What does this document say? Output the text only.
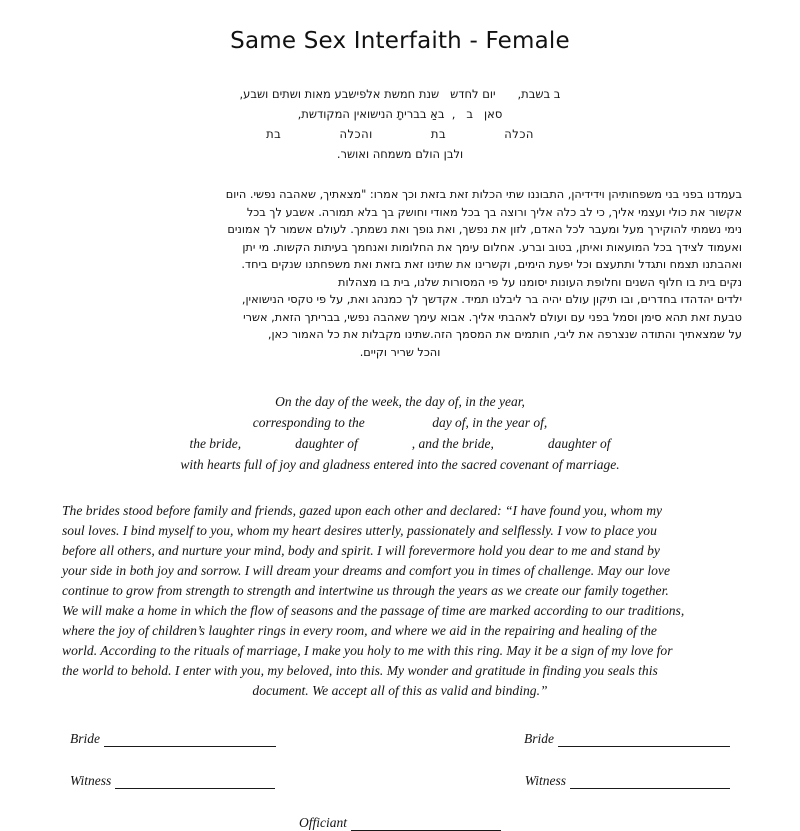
Same Sex Interfaith - Female
ב בשבת,      יום לחדש   שנת חמשת אלפי‌שבע מאות ושתים ושבע,
סאן   ב   ,  באַ בבריתָ הנישואין המקודשת,
הכלה              בת              והכלה              בת
ולבן הולם משמחה ואושר.
בעמדנו בפני בני משפחותיהן וידידיהן, התבוננו שתי הכלות זאת בזאת וכך אמרו: "מצאתיך, שאהבה נפשי. היום
אקשור את כולי ועצמי אליך, כי לב כלה אליך ורוצה בך בכל מאודי וחושק בך בלא תמורה. אשבע לך בכל
נימי נשמתי להוקירך מעל ומעבר לכל האדם, לזון את נפשך, ואת גופך ואת נשמתך. לעולם אשמור לך אמונים
ואעמוד לצידך בכל המועאות ואיתן, בטוב וברע. אחלום עימך את החלומות ואנחמך בעיתות הקשות. מי יתן
ואהבתנו תצמח ותגדל ותתעצם וכל יפעת הימים, וקשרינו את שתינו זאת בזאת ואת משפחתנו שנקים ביחד.
נקים בית בו חלוף השנים וחלופת העונות יסומנו על פי המסורות שלנו, בית בו מצהלות
ילדים יהדהדו בחדרים, ובו תיקון עולם יהיה בר ליבלנו תמיד. אקדשך לך כמנהג ואת, על פי טקסי הנישואין,
טבעת זאת תהא סימן וסמל בפני עם ועולם לאהבתי אליך. אבוא עימך שאהבה נפשי, בבריתך הזאת, אשרי
על שמצאתיך והתודה שנצרפה את ליבי, חותמים את המסמך הזה.שתינו מקבלות את כל האמור כאן,
והכל שריר וקיים.
On the day of the week, the day of, in the year,
corresponding to the                    day of, in the year of,
the bride,                daughter of                , and the bride,                daughter of
with hearts full of joy and gladness entered into the sacred covenant of marriage.
The brides stood before family and friends, gazed upon each other and declared: “I have found you, whom my
soul loves. I bind myself to you, whom my heart desires utterly, passionately and selflessly. I vow to place you
before all others, and nurture your mind, body and spirit. I will forevermore hold you dear to me and stand by
your side in both joy and sorrow. I will dream your dreams and comfort you in times of challenge. May our love
continue to grow from strength to strength and intertwine us through the years as we create our family together.
We will make a home in which the flow of seasons and the passage of time are marked according to our traditions,
where the joy of children’s laughter rings in every room, and where we aid in the repairing and healing of the
world. According to the rituals of marriage, I make you holy to me with this ring. May it be a sign of my love for
the world to behold. I enter with you, my beloved, into this. My wonder and gratitude in finding you seals this
document. We accept all of this as valid and binding.”
Bride	Bride
Witness	Witness
Officiant
